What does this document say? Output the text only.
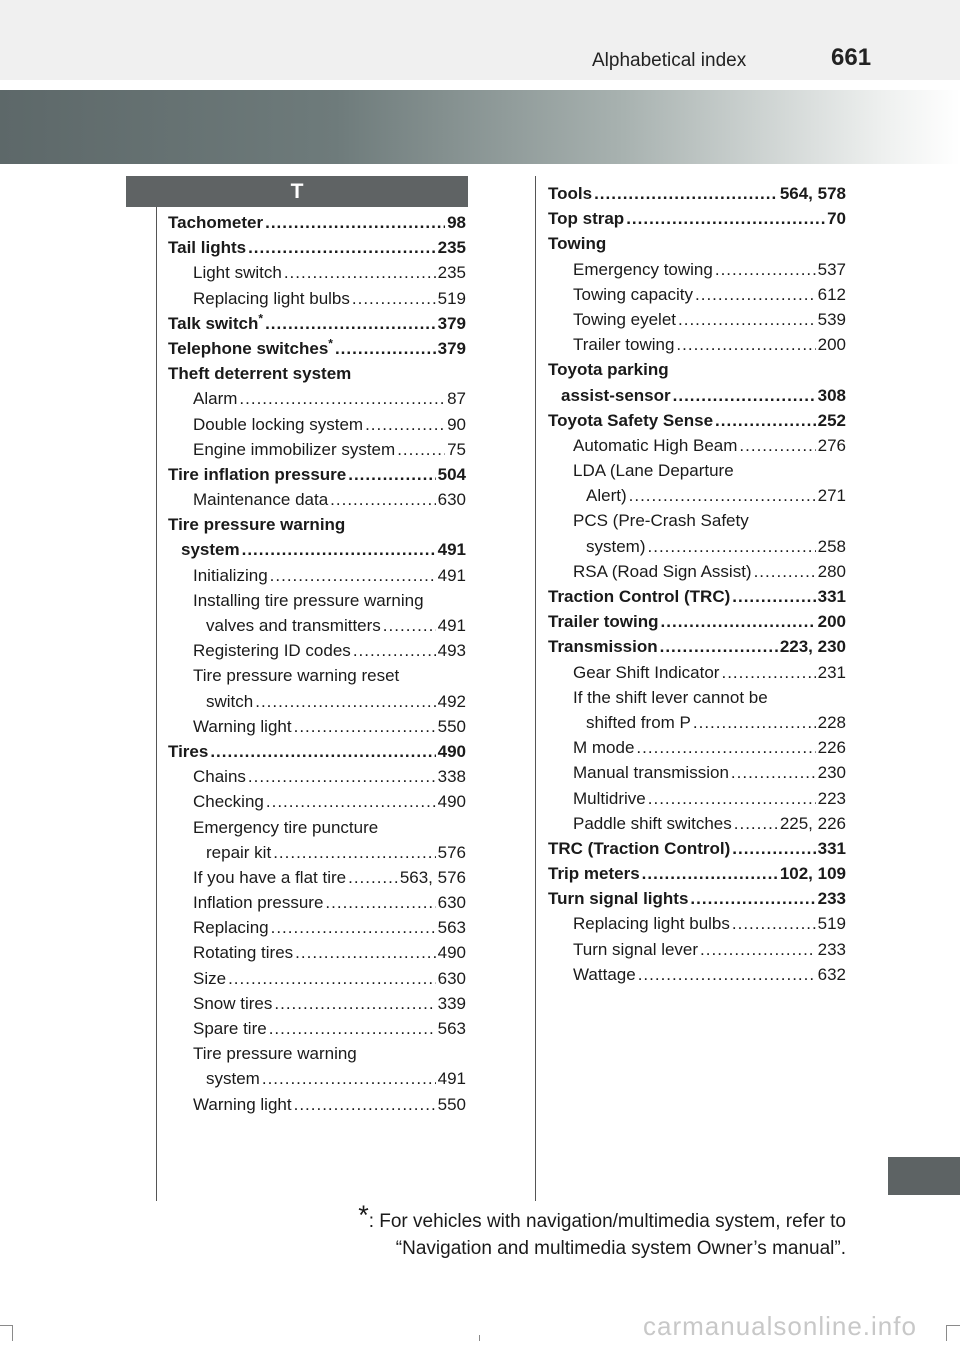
Alphabetical index	661
T
Tachometer .....	98
Tail lights .....	235
Light switch .....	235
Replacing light bulbs .....	519
Talk switch* .....	379
Telephone switches* .....	379
Theft deterrent system
Alarm .....	87
Double locking system .....	90
Engine immobilizer system .....	75
Tire inflation pressure .....	504
Maintenance data .....	630
Tire pressure warning
system .....	491
Initializing .....	491
Installing tire pressure warning
valves and transmitters .....	491
Registering ID codes .....	493
Tire pressure warning reset
switch .....	492
Warning light .....	550
Tires .....	490
Chains .....	338
Checking .....	490
Emergency tire puncture
repair kit .....	576
If you have a flat tire .....	563, 576
Inflation pressure .....	630
Replacing .....	563
Rotating tires .....	490
Size .....	630
Snow tires .....	339
Spare tire .....	563
Tire pressure warning
system .....	491
Warning light .....	550
Tools .....	564, 578
Top strap .....	70
Towing
Emergency towing .....	537
Towing capacity .....	612
Towing eyelet .....	539
Trailer towing .....	200
Toyota parking
assist-sensor .....	308
Toyota Safety Sense .....	252
Automatic High Beam .....	276
LDA (Lane Departure
Alert) .....	271
PCS (Pre-Crash Safety
system) .....	258
RSA (Road Sign Assist) .....	280
Traction Control (TRC) .....	331
Trailer towing .....	200
Transmission .....	223, 230
Gear Shift Indicator .....	231
If the shift lever cannot be
shifted from P .....	228
M mode .....	226
Manual transmission .....	230
Multidrive .....	223
Paddle shift switches .....	225, 226
TRC (Traction Control) .....	331
Trip meters .....	102, 109
Turn signal lights .....	233
Replacing light bulbs .....	519
Turn signal lever .....	233
Wattage .....	632
*: For vehicles with navigation/multimedia system, refer to
“Navigation and multimedia system Owner’s manual”.
carmanualsonline.info
